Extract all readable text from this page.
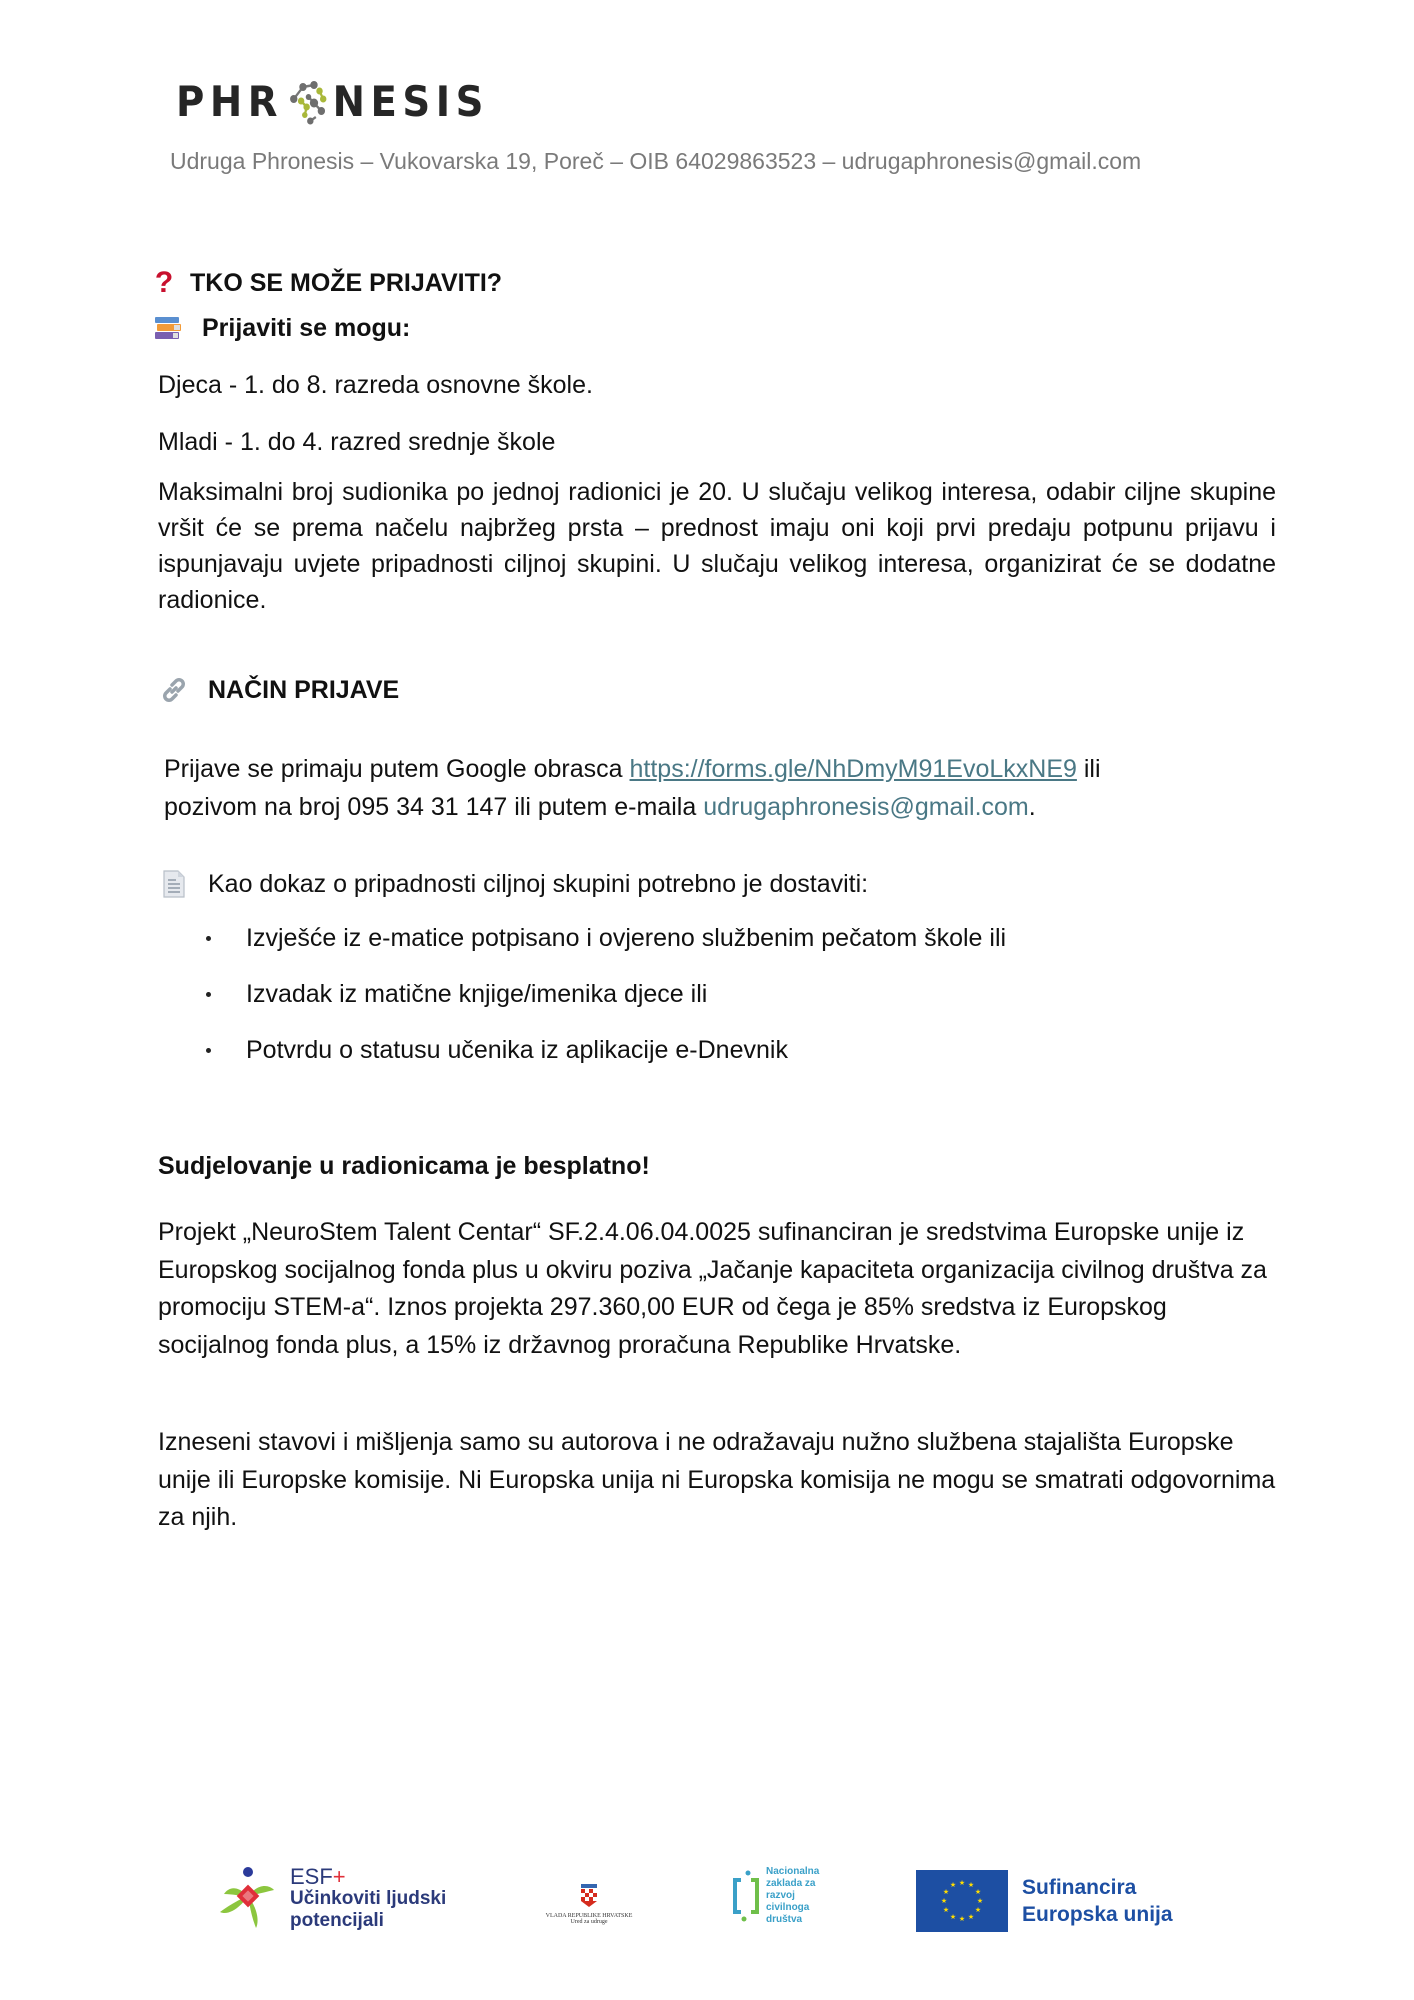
PHR NESIS
Udruga Phronesis – Vukovarska 19, Poreč – OIB 64029863523 – udrugaphronesis@gmail.com
? TKO SE MOŽE PRIJAVITI?
Prijaviti se mogu:
Djeca - 1. do 8. razreda osnovne škole.
Mladi - 1. do 4. razred srednje škole
Maksimalni broj sudionika po jednoj radionici je 20. U slučaju velikog interesa, odabir ciljne skupine vršit će se prema načelu najbržeg prsta – prednost imaju oni koji prvi predaju potpunu prijavu i ispunjavaju uvjete pripadnosti ciljnoj skupini. U slučaju velikog interesa, organizirat će se dodatne radionice.
NAČIN PRIJAVE
Prijave se primaju putem Google obrasca https://forms.gle/NhDmyM91EvoLkxNE9 ili
pozivom na broj 095 34 31 147 ili putem e-maila udrugaphronesis@gmail.com.
Kao dokaz o pripadnosti ciljnoj skupini potrebno je dostaviti:
Izvješće iz e-matice potpisano i ovjereno službenim pečatom škole ili
Izvadak iz matične knjige/imenika djece ili
Potvrdu o statusu učenika iz aplikacije e-Dnevnik
Sudjelovanje u radionicama je besplatno!
Projekt „NeuroStem Talent Centar“ SF.2.4.06.04.0025 sufinanciran je sredstvima Europske unije iz Europskog socijalnog fonda plus u okviru poziva „Jačanje kapaciteta organizacija civilnog društva za promociju STEM-a“. Iznos projekta 297.360,00 EUR od čega je 85% sredstva iz Europskog socijalnog fonda plus, a 15% iz državnog proračuna Republike Hrvatske.
Izneseni stavovi i mišljenja samo su autorova i ne odražavaju nužno službena stajališta Europske unije ili Europske komisije. Ni Europska unija ni Europska komisija ne mogu se smatrati odgovornima za njih.
ESF+
Učinkoviti ljudski
potencijali	VLADA REPUBLIKE HRVATSKE
Ured za udruge
Nacionalna
zaklada za
razvoj
civilnoga
društva
★ ★
★
★
★
★
★
★
★
★
★
★	Sufinancira
Europska unija
